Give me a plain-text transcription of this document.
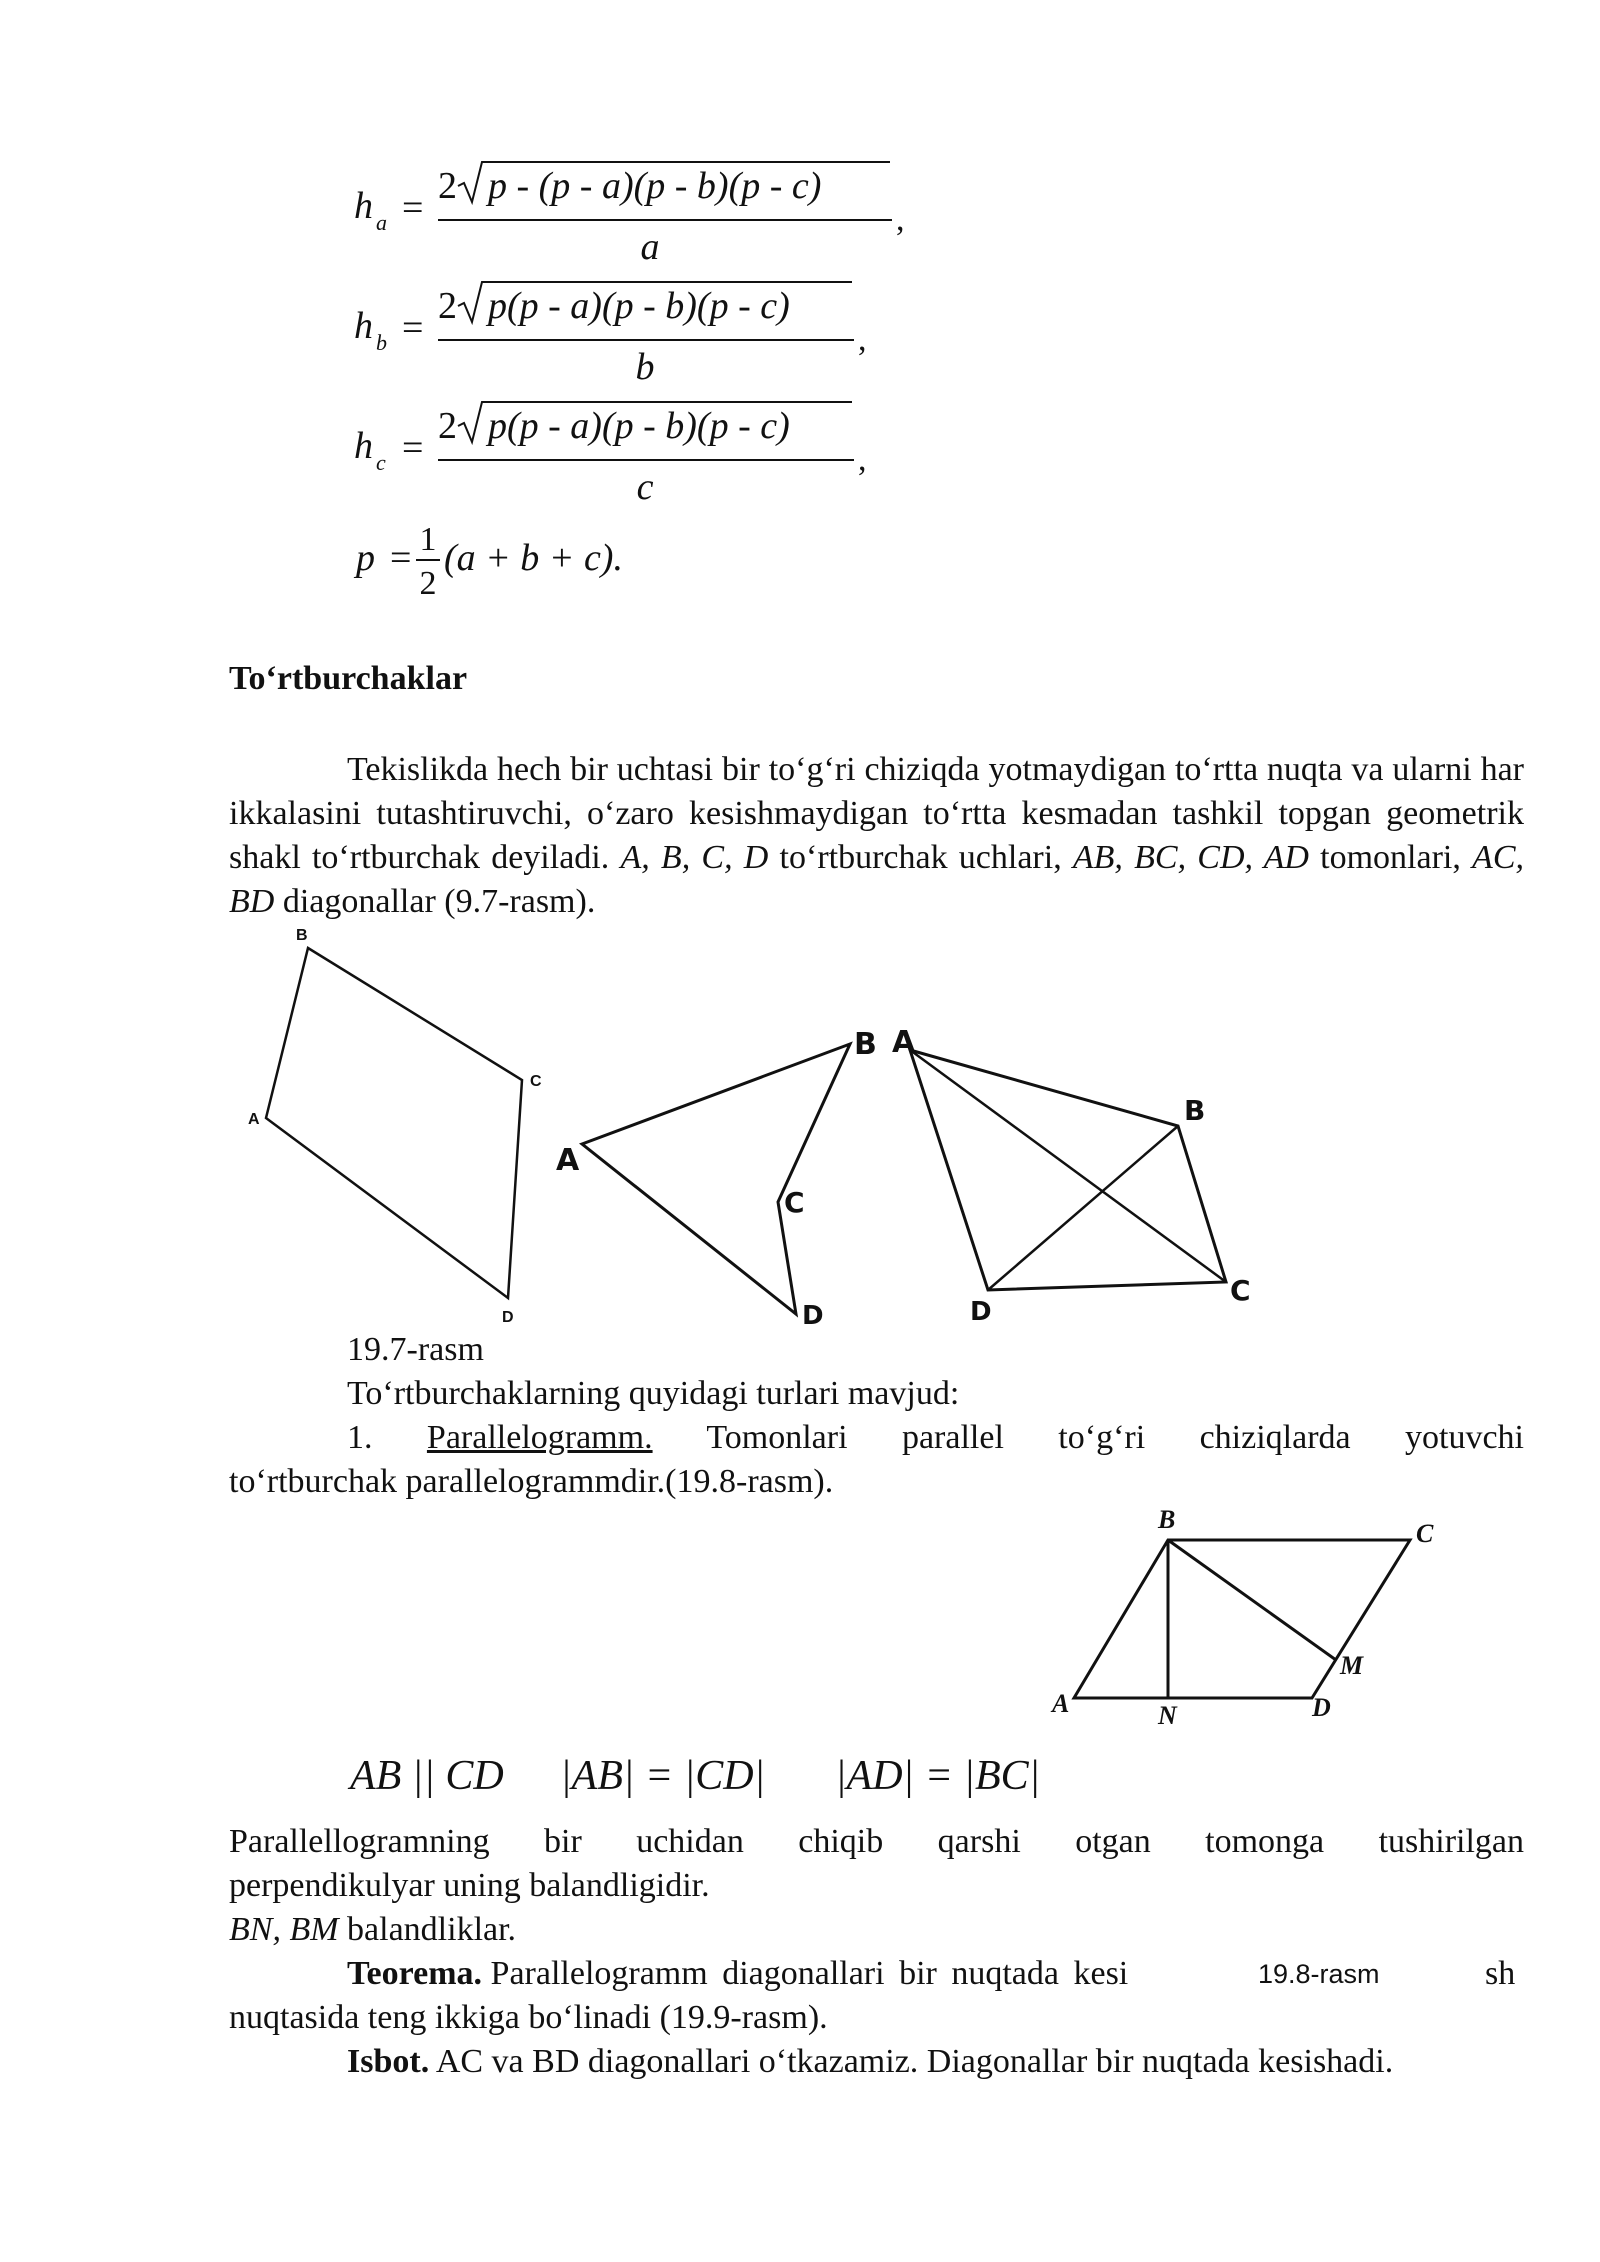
h a =
2 p - (p - a)(p - b)(p - c)
a
,
h b =
2 p(p - a)(p - b)(p - c)
b
,
h c =
2 p(p - a)(p - b)(p - c)
c
,
p = 1
2
(a + b + c).
To‘rtburchaklar
Tekislikda hech bir uchtasi bir to‘g‘ri chiziqda yotmaydigan to‘rtta nuqta va ularni har ikkalasini tutashtiruvchi, o‘zaro kesishmaydigan to‘rtta kesmadan tashkil topgan geometrik shakl to‘rtburchak deyiladi. A, B, C, D to‘rtburchak uchlari, AB, BC, CD, AD tomonlari, AC, BD diagonallar (9.7-rasm).
B
C
A
D
B
A
C
D
A
B
C
D
19.7-rasm
To‘rtburchaklarning quyidagi turlari mavjud:
1. Parallelogramm. Tomonlari parallel to‘g‘ri chiziqlarda yotuvchi
to‘rtburchak parallelogrammdir.(19.8-rasm).
B	C
M
A	N	D
AB || CD |AB| = |CD| |AD| = |BC|
Parallellogramning bir uchidan chiqib qarshi otgan tomonga tushirilgan
perpendikulyar uning balandligidir.
BN, BM balandliklar.
Teorema. Parallelogramm diagonallari bir nuqtada kesi	19.8-rasm	sh
nuqtasida teng ikkiga bo‘linadi (19.9-rasm).
Isbot. AC va BD diagonallari o‘tkazamiz. Diagonallar bir nuqtada kesishadi.
